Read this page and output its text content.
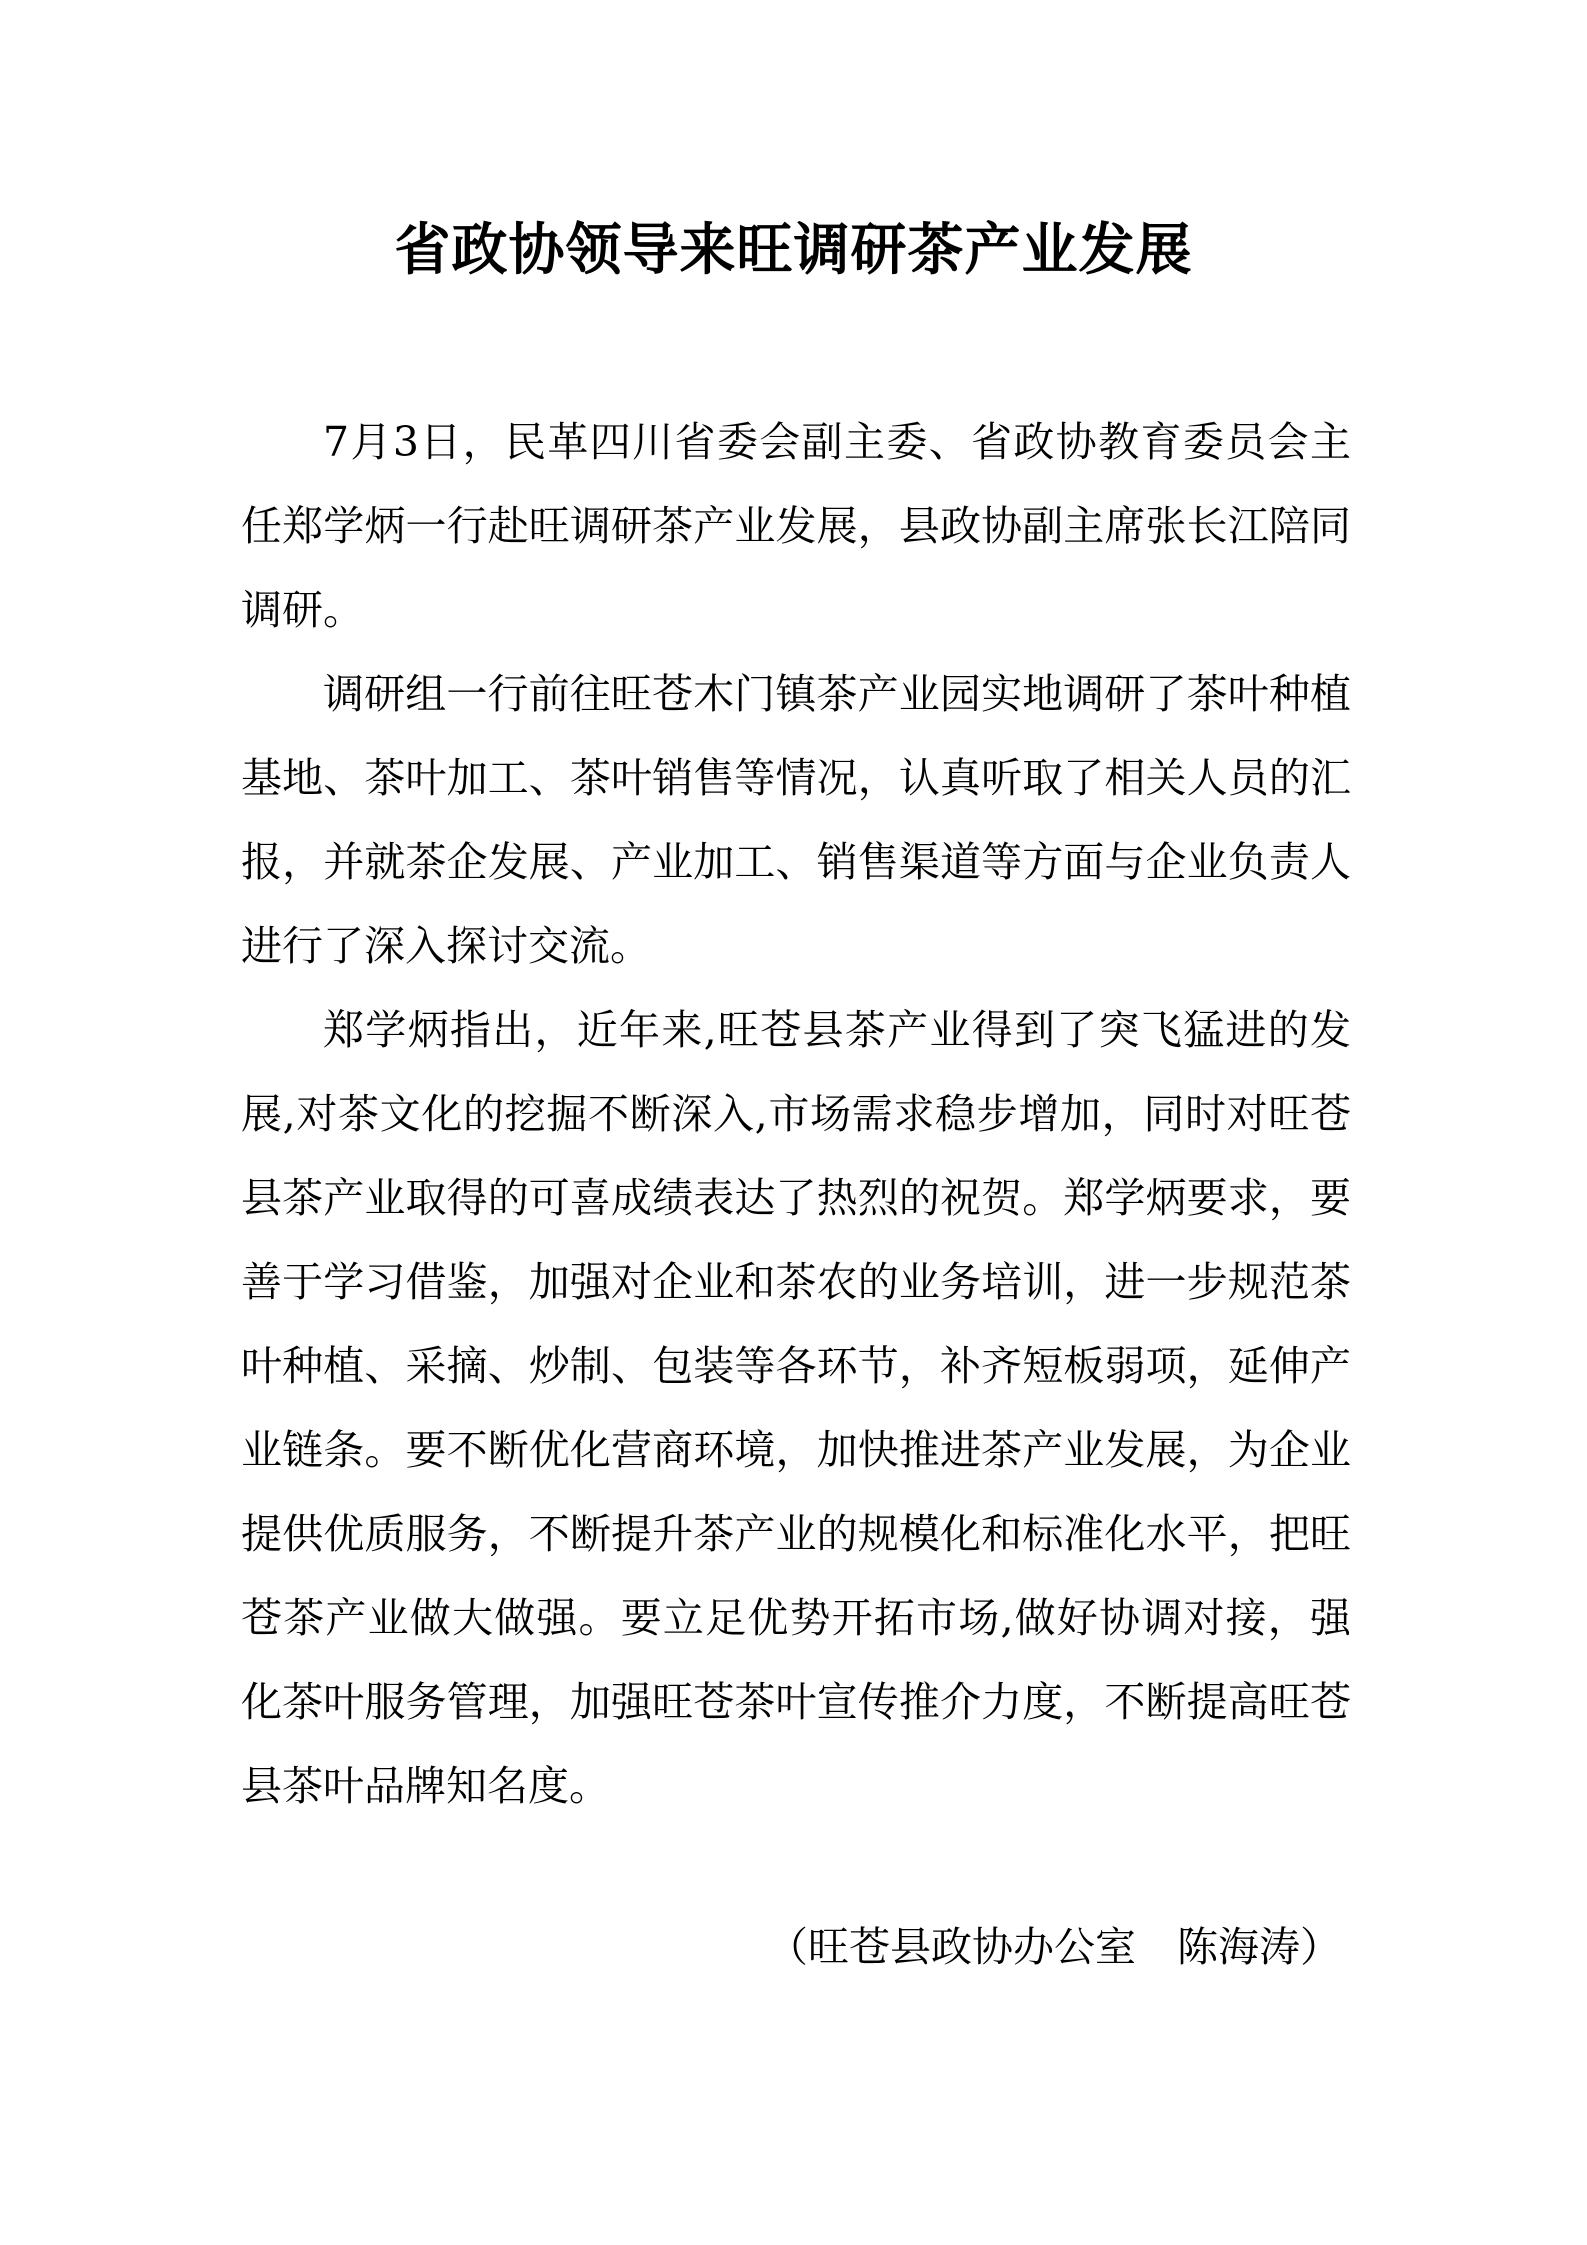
省政协领导来旺调研茶产业发展

7月3日，民革四川省委会副主委、省政协教育委员会主任郑学炳一行赴旺调研茶产业发展，县政协副主席张长江陪同调研。

调研组一行前往旺苍木门镇茶产业园实地调研了茶叶种植基地、茶叶加工、茶叶销售等情况，认真听取了相关人员的汇报，并就茶企发展、产业加工、销售渠道等方面与企业负责人进行了深入探讨交流。

郑学炳指出，近年来,旺苍县茶产业得到了突飞猛进的发展,对茶文化的挖掘不断深入,市场需求稳步增加，同时对旺苍县茶产业取得的可喜成绩表达了热烈的祝贺。郑学炳要求，要善于学习借鉴，加强对企业和茶农的业务培训，进一步规范茶叶种植、采摘、炒制、包装等各环节，补齐短板弱项，延伸产业链条。要不断优化营商环境，加快推进茶产业发展，为企业提供优质服务，不断提升茶产业的规模化和标准化水平，把旺苍茶产业做大做强。要立足优势开拓市场,做好协调对接，强化茶叶服务管理，加强旺苍茶叶宣传推介力度，不断提高旺苍县茶叶品牌知名度。

（旺苍县政协办公室　陈海涛）
